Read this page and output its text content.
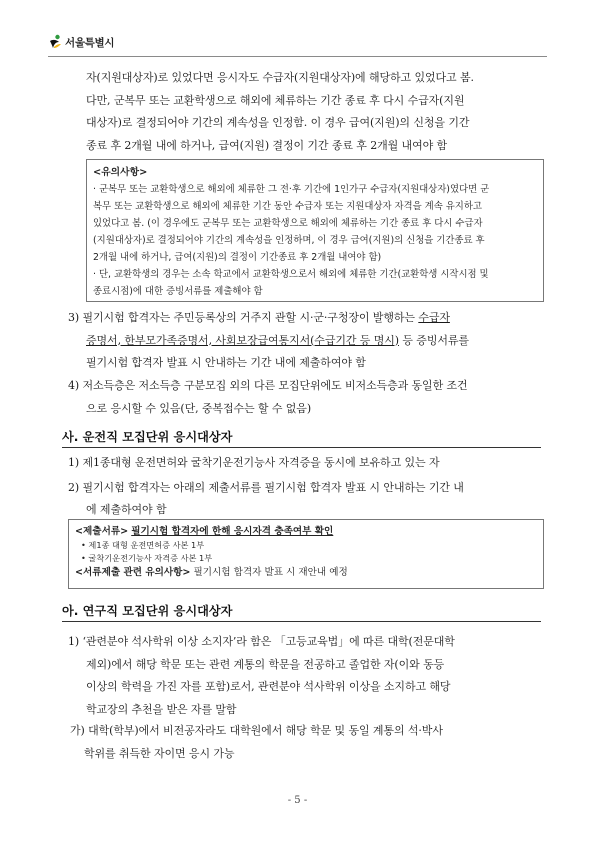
서울특별시
자(지원대상자)로 있었다면 응시자도 수급자(지원대상자)에 해당하고 있었다고 봄.
다만, 군복무 또는 교환학생으로 해외에 체류하는 기간 종료 후 다시 수급자(지원
대상자)로 결정되어야 기간의 계속성을 인정함. 이 경우 급여(지원)의 신청을 기간
종료 후 2개월 내에 하거나, 급여(지원) 결정이 기간 종료 후 2개월 내여야 함
<유의사항>
· 군복무 또는 교환학생으로 해외에 체류한 그 전·후 기간에 1인가구 수급자(지원대상자)였다면 군
복무 또는 교환학생으로 해외에 체류한 기간 동안 수급자 또는 지원대상자 자격을 계속 유지하고
있었다고 봄. (이 경우에도 군복무 또는 교환학생으로 해외에 체류하는 기간 종료 후 다시 수급자
(지원대상자)로 결정되어야 기간의 계속성을 인정하며, 이 경우 급여(지원)의 신청을 기간종료 후
2개월 내에 하거나, 급여(지원)의 결정이 기간종료 후 2개월 내여야 함)
· 단, 교환학생의 경우는 소속 학교에서 교환학생으로서 해외에 체류한 기간(교환학생 시작시점 및
종료시점)에 대한 증빙서류를 제출해야 함
3) 필기시험 합격자는 주민등록상의 거주지 관할 시·군·구청장이 발행하는 수급자
증명서, 한부모가족증명서, 사회보장급여통지서(수급기간 등 명시) 등 증빙서류를
필기시험 합격자 발표 시 안내하는 기간 내에 제출하여야 함
4) 저소득층은 저소득층 구분모집 외의 다른 모집단위에도 비저소득층과 동일한 조건
으로 응시할 수 있음(단, 중복접수는 할 수 없음)
사. 운전직 모집단위 응시대상자
1) 제1종대형 운전면허와 굴착기운전기능사 자격증을 동시에 보유하고 있는 자
2) 필기시험 합격자는 아래의 제출서류를 필기시험 합격자 발표 시 안내하는 기간 내
에 제출하여야 함
<제출서류> 필기시험 합격자에 한해 응시자격 충족여부 확인
• 제1종 대형 운전면허증 사본 1부
• 굴착기운전기능사 자격증 사본 1부
<서류제출 관련 유의사항> 필기시험 합격자 발표 시 재안내 예정
아. 연구직 모집단위 응시대상자
1) ‘관련분야 석사학위 이상 소지자’라 함은 「고등교육법」에 따른 대학(전문대학
제외)에서 해당 학문 또는 관련 계통의 학문을 전공하고 졸업한 자(이와 동등
이상의 학력을 가진 자를 포함)로서, 관련분야 석사학위 이상을 소지하고 해당
학교장의 추천을 받은 자를 말함
가) 대학(학부)에서 비전공자라도 대학원에서 해당 학문 및 동일 계통의 석·박사
학위를 취득한 자이면 응시 가능
- 5 -
